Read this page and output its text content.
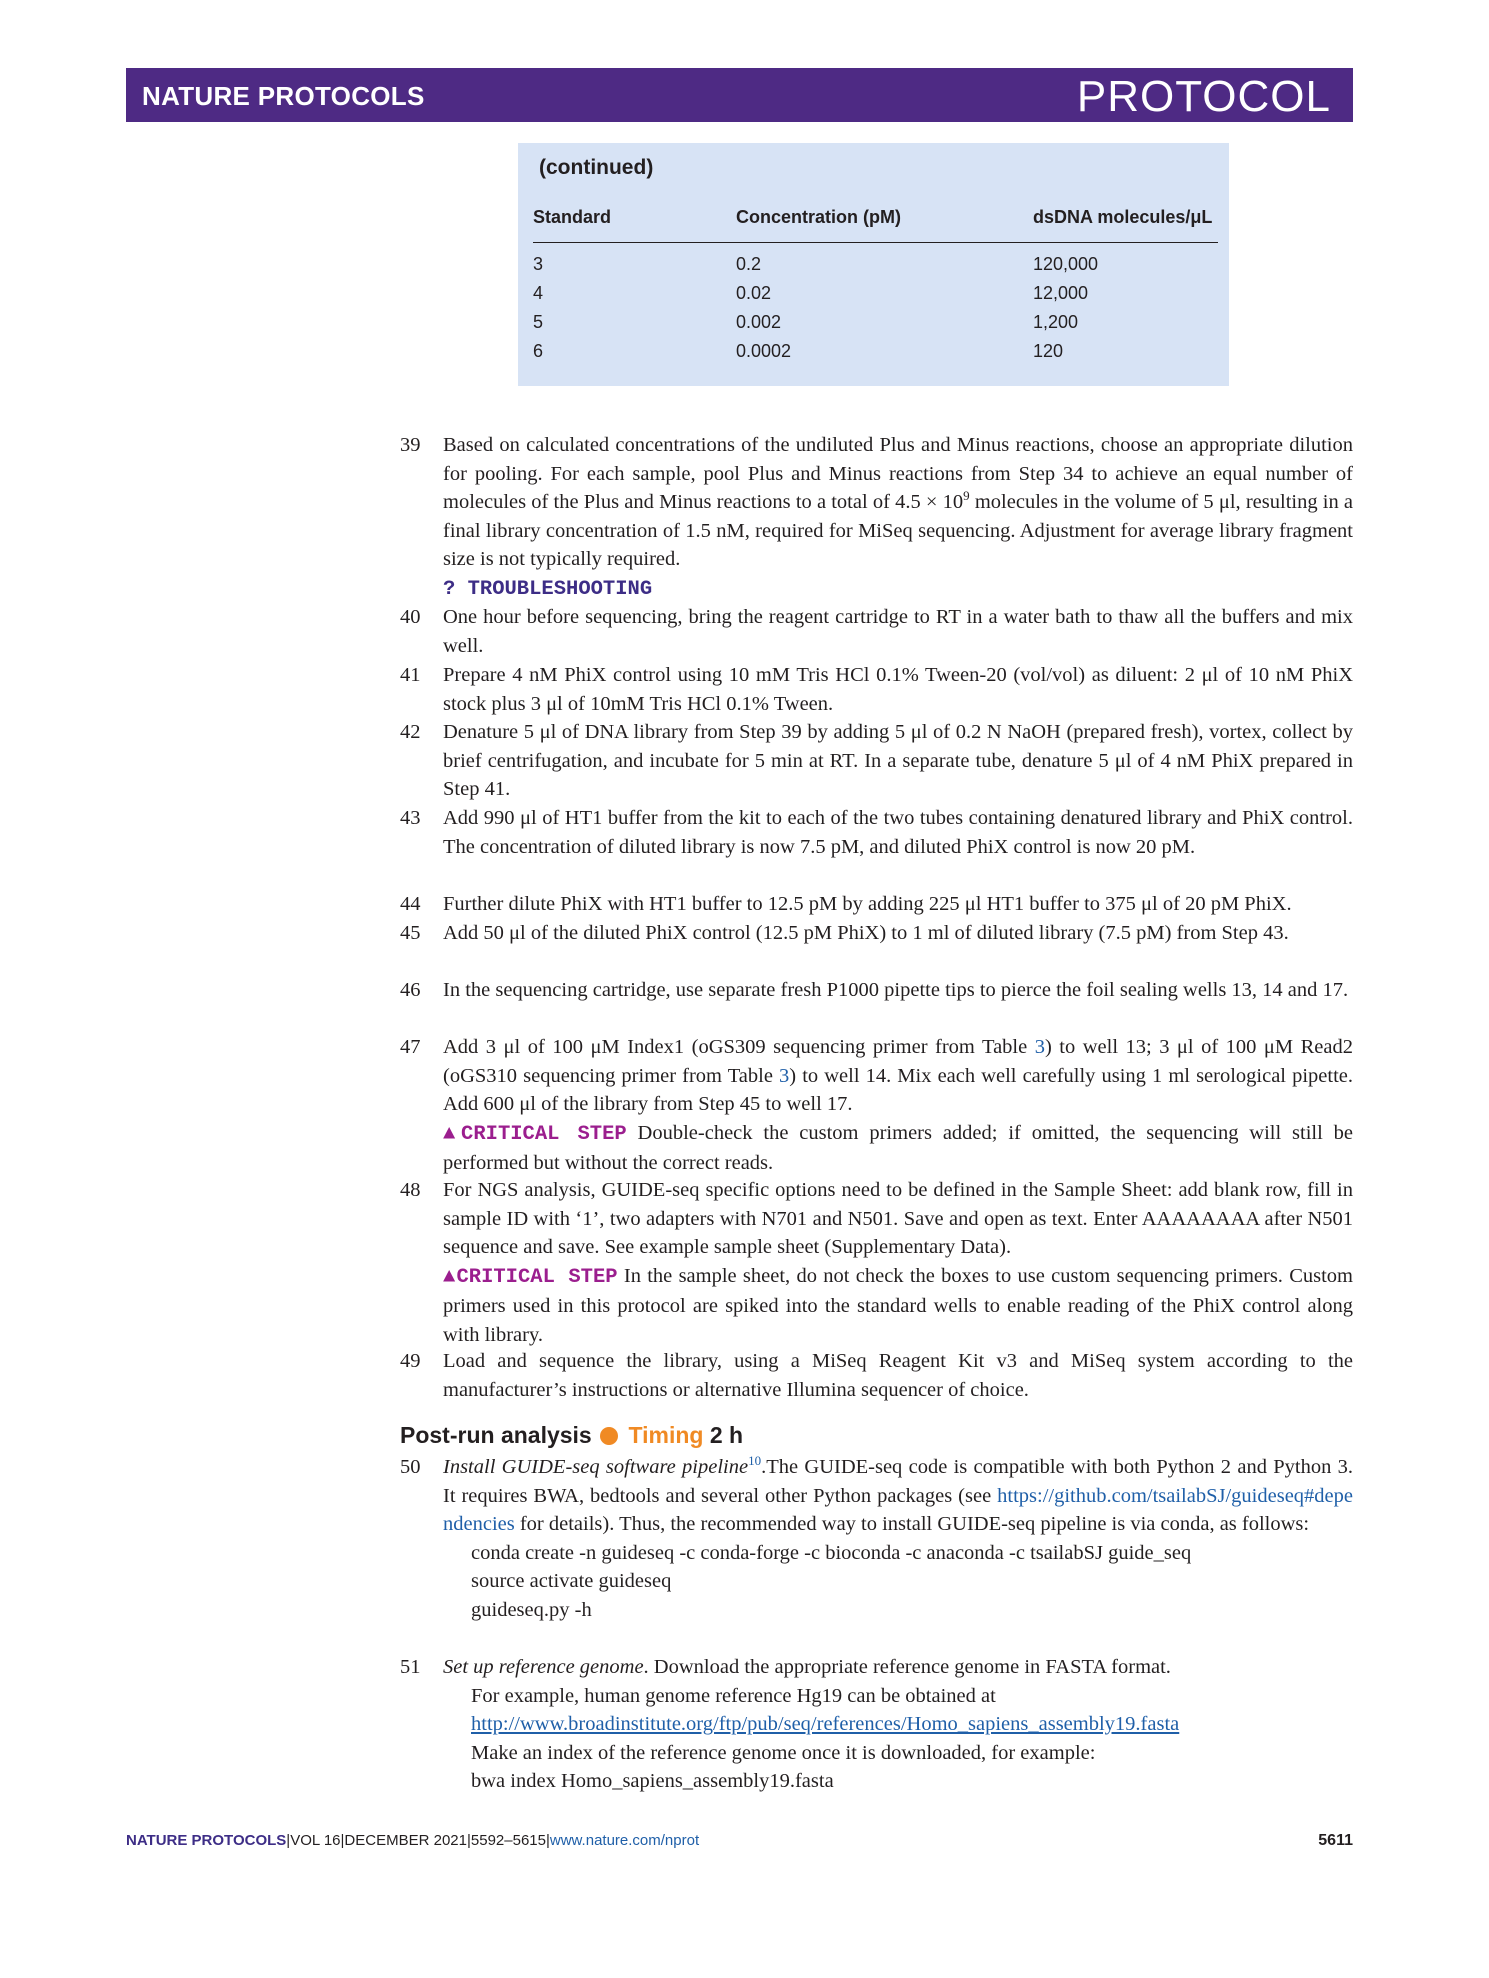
NATURE PROTOCOLS	PROTOCOL
(continued)
Standard	Concentration (pM)	dsDNA molecules/μL
3	0.2	120,000
4	0.02	12,000
5	0.002	1,200
6	0.0002	120
39 Based on calculated concentrations of the undiluted Plus and Minus reactions, choose an appropriate dilution for pooling. For each sample, pool Plus and Minus reactions from Step 34 to achieve an equal number of molecules of the Plus and Minus reactions to a total of $4.5 \times 10^9$ molecules in the volume of 5 μl, resulting in a final library concentration of 1.5 nM, required for MiSeq sequencing. Adjustment for average library fragment size is not typically required.
? TROUBLESHOOTING
40 One hour before sequencing, bring the reagent cartridge to RT in a water bath to thaw all the buffers and mix well.
41 Prepare 4 nM PhiX control using 10 mM Tris HCl 0.1% Tween-20 (vol/vol) as diluent: 2 μl of 10 nM PhiX stock plus 3 μl of 10mM Tris HCl 0.1% Tween.
42 Denature 5 μl of DNA library from Step 39 by adding 5 μl of 0.2 N NaOH (prepared fresh), vortex, collect by brief centrifugation, and incubate for 5 min at RT. In a separate tube, denature 5 μl of 4 nM PhiX prepared in Step 41.
43 Add 990 μl of HT1 buffer from the kit to each of the two tubes containing denatured library and PhiX control. The concentration of diluted library is now 7.5 pM, and diluted PhiX control is now 20 pM.
44 Further dilute PhiX with HT1 buffer to 12.5 pM by adding 225 μl HT1 buffer to 375 μl of 20 pM PhiX.
45 Add 50 μl of the diluted PhiX control (12.5 pM PhiX) to 1 ml of diluted library (7.5 pM) from Step 43.
46 In the sequencing cartridge, use separate fresh P1000 pipette tips to pierce the foil sealing wells 13, 14 and 17.
47 Add 3 μl of 100 μM Index1 (oGS309 sequencing primer from Table 3) to well 13; 3 μl of 100 μM Read2 (oGS310 sequencing primer from Table 3) to well 14. Mix each well carefully using 1 ml serological pipette. Add 600 μl of the library from Step 45 to well 17.
▲CRITICAL STEP Double-check the custom primers added; if omitted, the sequencing will still be performed but without the correct reads.
48 For NGS analysis, GUIDE-seq specific options need to be defined in the Sample Sheet: add blank row, fill in sample ID with ‘1’, two adapters with N701 and N501. Save and open as text. Enter AAAAAAAA after N501 sequence and save. See example sample sheet (Supplementary Data).
▲CRITICAL STEP In the sample sheet, do not check the boxes to use custom sequencing primers. Custom primers used in this protocol are spiked into the standard wells to enable reading of the PhiX control along with library.
49 Load and sequence the library, using a MiSeq Reagent Kit v3 and MiSeq system according to the manufacturer’s instructions or alternative Illumina sequencer of choice.
Post-run analysis Timing 2 h
50 Install GUIDE-seq software pipeline$^{10}$.The GUIDE-seq code is compatible with both Python 2 and Python 3. It requires BWA, bedtools and several other Python packages (see https://github.com/tsailabSJ/guideseq#dependencies for details). Thus, the recommended way to install GUIDE-seq pipeline is via conda, as follows:
conda create -n guideseq -c conda-forge -c bioconda -c anaconda -c tsailabSJ guide_seq
source activate guideseq
guideseq.py -h
51 Set up reference genome. Download the appropriate reference genome in FASTA format.
For example, human genome reference Hg19 can be obtained at
http://www.broadinstitute.org/ftp/pub/seq/references/Homo_sapiens_assembly19.fasta
Make an index of the reference genome once it is downloaded, for example:
bwa index Homo_sapiens_assembly19.fasta
NATURE PROTOCOLS|VOL 16|DECEMBER 2021|5592–5615|www.nature.com/nprot	5611
